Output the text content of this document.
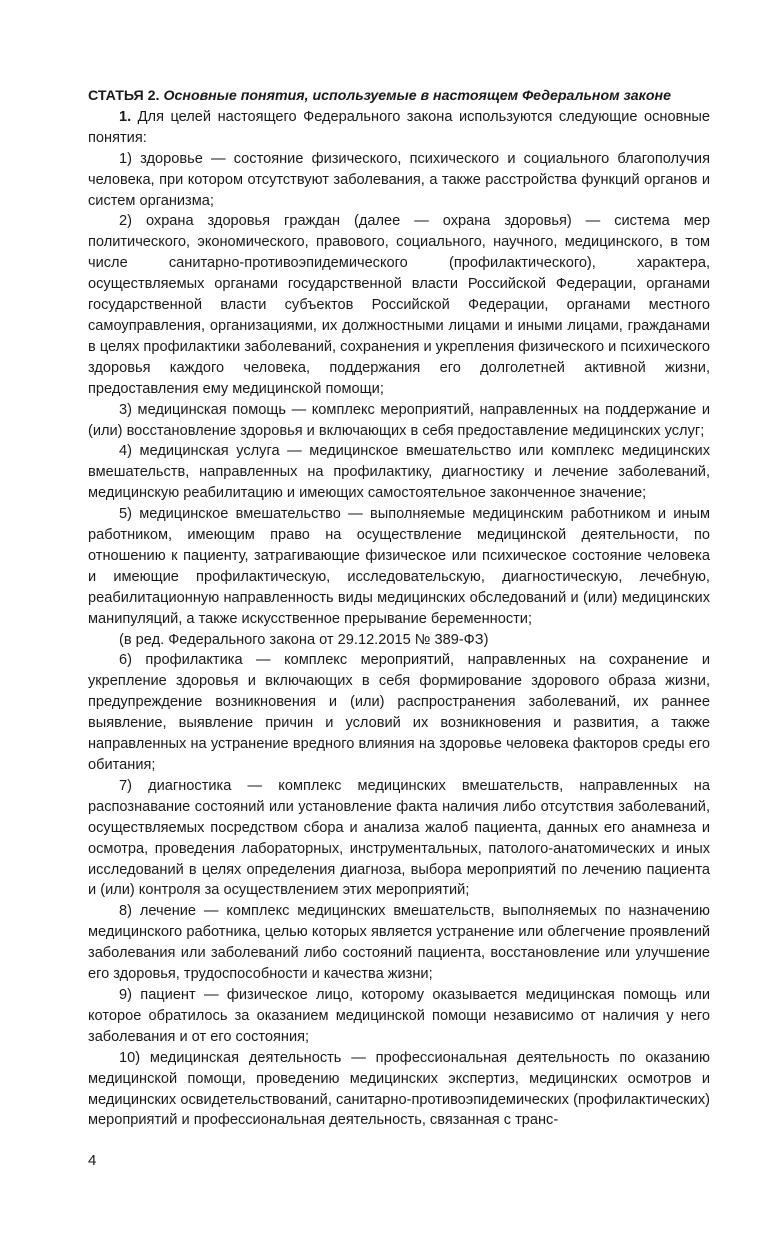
СТАТЬЯ 2. Основные понятия, используемые в настоящем Федеральном законе

1. Для целей настоящего Федерального закона используются следующие основные понятия:

1) здоровье — состояние физического, психического и социального благополучия человека, при котором отсутствуют заболевания, а также расстройства функций органов и систем организма;

2) охрана здоровья граждан (далее — охрана здоровья) — система мер политического, экономического, правового, социального, научного, медицинского, в том числе санитарно-противоэпидемического (профилактического), характера, осуществляемых органами государственной власти Российской Федерации, органами государственной власти субъектов Российской Федерации, органами местного самоуправления, организациями, их должностными лицами и иными лицами, гражданами в целях профилактики заболеваний, сохранения и укрепления физического и психического здоровья каждого человека, поддержания его долголетней активной жизни, предоставления ему медицинской помощи;

3) медицинская помощь — комплекс мероприятий, направленных на поддержание и (или) восстановление здоровья и включающих в себя предоставление медицинских услуг;

4) медицинская услуга — медицинское вмешательство или комплекс медицинских вмешательств, направленных на профилактику, диагностику и лечение заболеваний, медицинскую реабилитацию и имеющих самостоятельное законченное значение;

5) медицинское вмешательство — выполняемые медицинским работником и иным работником, имеющим право на осуществление медицинской деятельности, по отношению к пациенту, затрагивающие физическое или психическое состояние человека и имеющие профилактическую, исследовательскую, диагностическую, лечебную, реабилитационную направленность виды медицинских обследований и (или) медицинских манипуляций, а также искусственное прерывание беременности;

(в ред. Федерального закона от 29.12.2015 № 389-ФЗ)

6) профилактика — комплекс мероприятий, направленных на сохранение и укрепление здоровья и включающих в себя формирование здорового образа жизни, предупреждение возникновения и (или) распространения заболеваний, их раннее выявление, выявление причин и условий их возникновения и развития, а также направленных на устранение вредного влияния на здоровье человека факторов среды его обитания;

7) диагностика — комплекс медицинских вмешательств, направленных на распознавание состояний или установление факта наличия либо отсутствия заболеваний, осуществляемых посредством сбора и анализа жалоб пациента, данных его анамнеза и осмотра, проведения лабораторных, инструментальных, патолого-анатомических и иных исследований в целях определения диагноза, выбора мероприятий по лечению пациента и (или) контроля за осуществлением этих мероприятий;

8) лечение — комплекс медицинских вмешательств, выполняемых по назначению медицинского работника, целью которых является устранение или облегчение проявлений заболевания или заболеваний либо состояний пациента, восстановление или улучшение его здоровья, трудоспособности и качества жизни;

9) пациент — физическое лицо, которому оказывается медицинская помощь или которое обратилось за оказанием медицинской помощи независимо от наличия у него заболевания и от его состояния;

10) медицинская деятельность — профессиональная деятельность по оказанию медицинской помощи, проведению медицинских экспертиз, медицинских осмотров и медицинских освидетельствований, санитарно-противоэпидемических (профилактических) мероприятий и профессиональная деятельность, связанная с транс-

4
